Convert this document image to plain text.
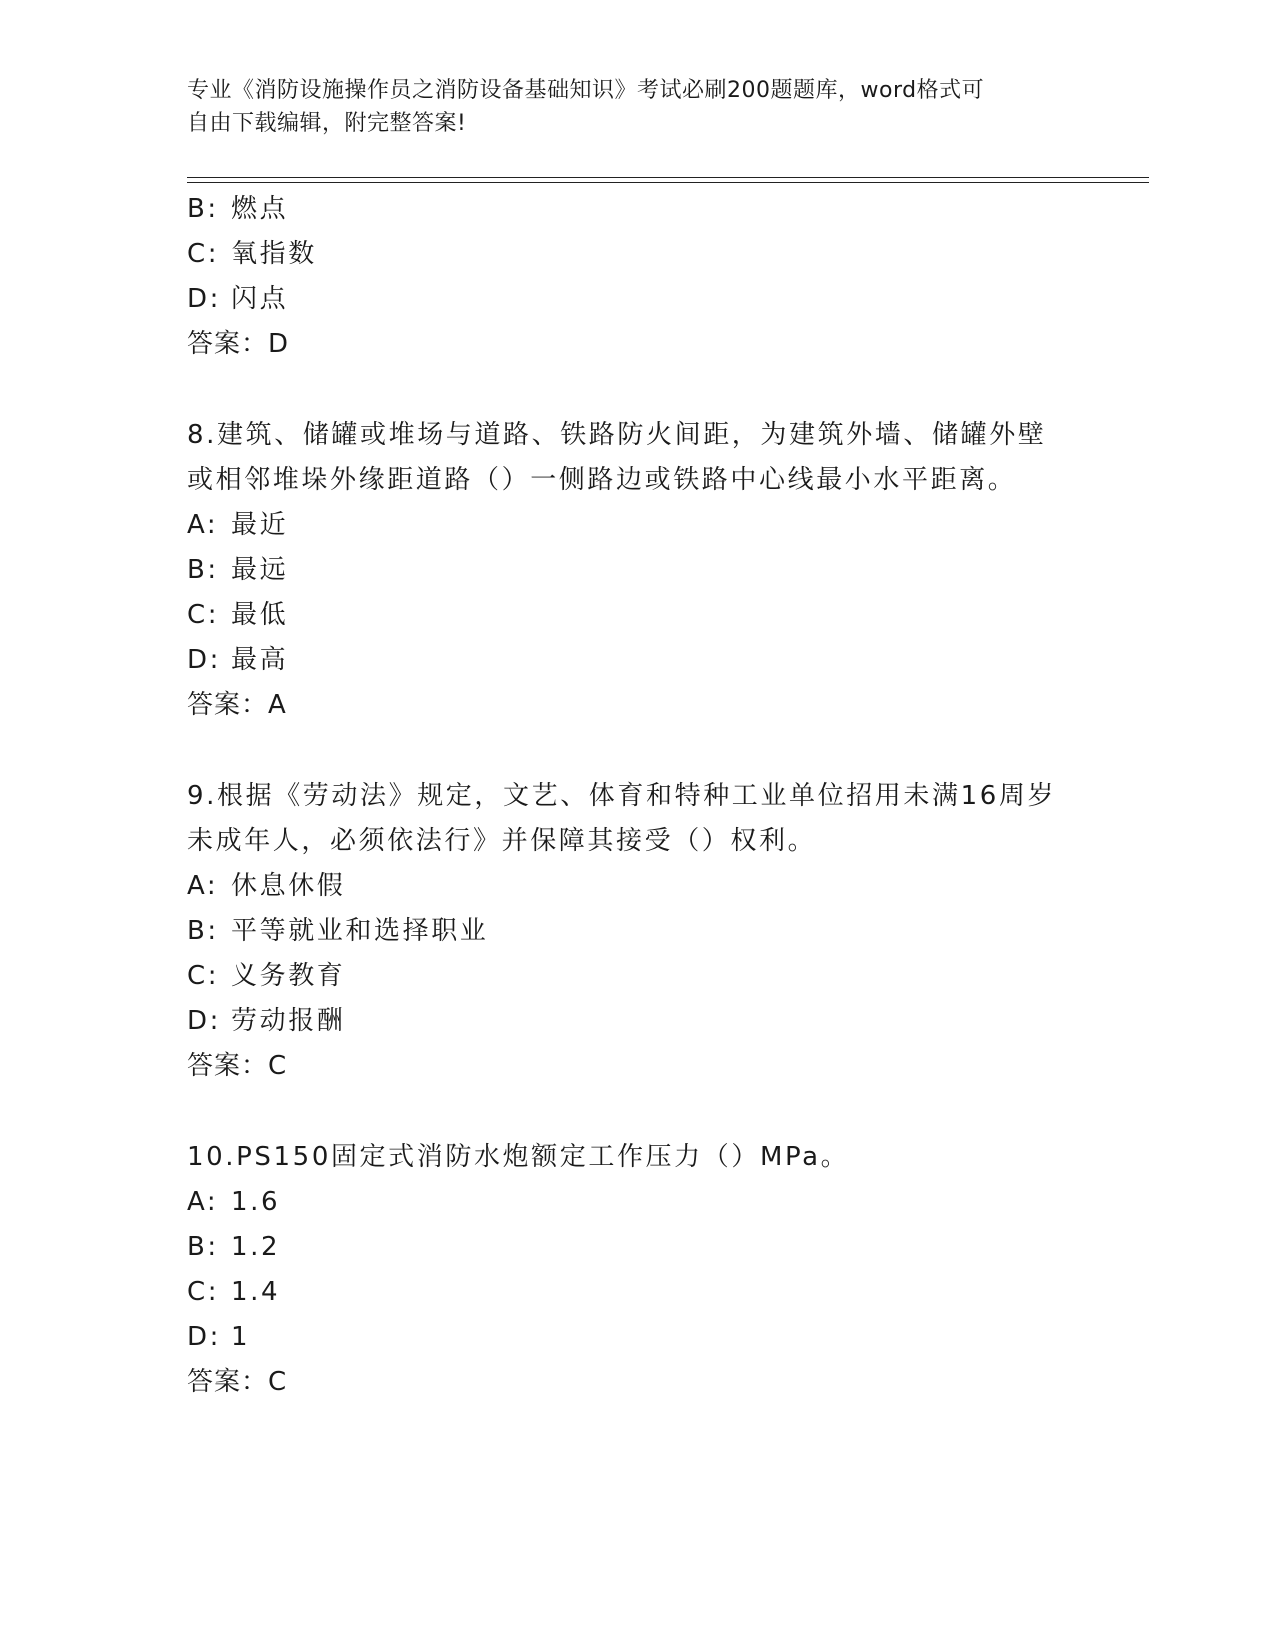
专业《消防设施操作员之消防设备基础知识》考试必刷200题题库，word格式可
自由下载编辑，附完整答案!
B: 燃点
C: 氧指数
D: 闪点
答案：D
8.建筑、储罐或堆场与道路、铁路防火间距，为建筑外墙、储罐外壁
或相邻堆垛外缘距道路（）一侧路边或铁路中心线最小水平距离。
A: 最近
B: 最远
C: 最低
D: 最高
答案：A
9.根据《劳动法》规定，文艺、体育和特种工业单位招用未满16周岁
未成年人，必须依法行》并保障其接受（）权利。
A: 休息休假
B: 平等就业和选择职业
C: 义务教育
D: 劳动报酬
答案：C
10.PS150固定式消防水炮额定工作压力（）MPa。
A: 1.6
B: 1.2
C: 1.4
D: 1
答案：C
